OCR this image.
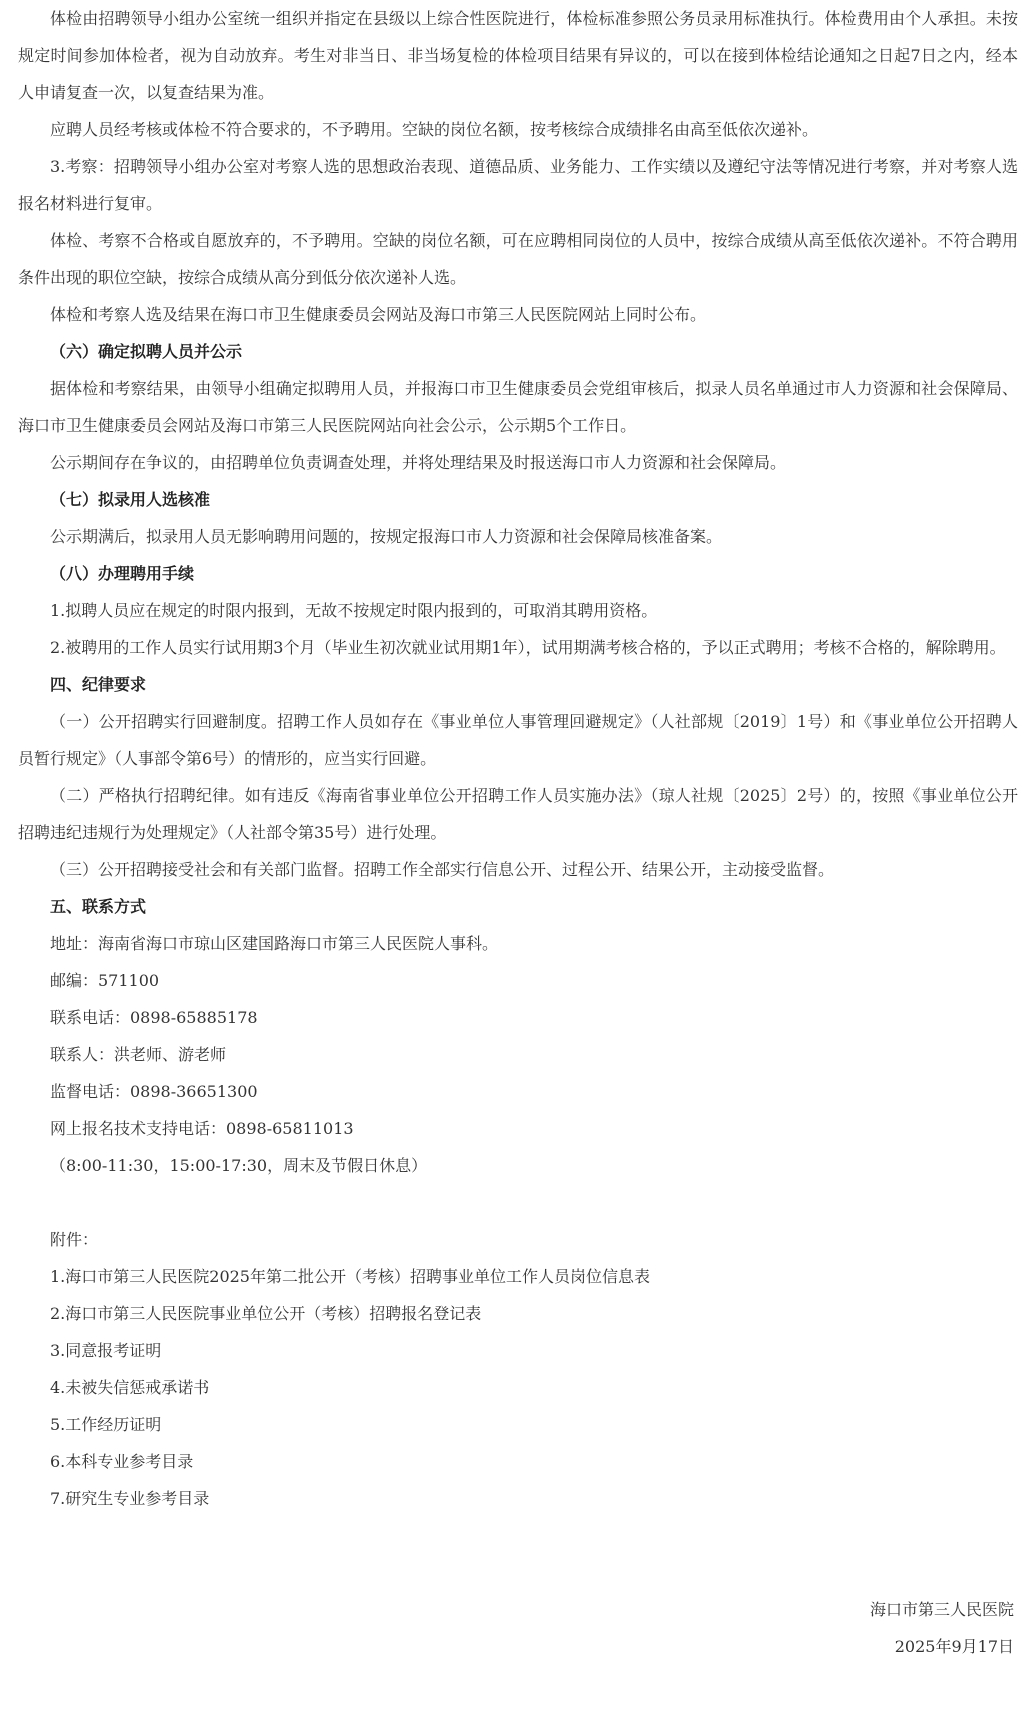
体检由招聘领导小组办公室统一组织并指定在县级以上综合性医院进行，体检标准参照公务员录用标准执行。体检费用由个人承担。未按规定时间参加体检者，视为自动放弃。考生对非当日、非当场复检的体检项目结果有异议的，可以在接到体检结论通知之日起7日之内，经本人申请复查一次，以复查结果为准。

应聘人员经考核或体检不符合要求的，不予聘用。空缺的岗位名额，按考核综合成绩排名由高至低依次递补。

3.考察：招聘领导小组办公室对考察人选的思想政治表现、道德品质、业务能力、工作实绩以及遵纪守法等情况进行考察，并对考察人选报名材料进行复审。

体检、考察不合格或自愿放弃的，不予聘用。空缺的岗位名额，可在应聘相同岗位的人员中，按综合成绩从高至低依次递补。不符合聘用条件出现的职位空缺，按综合成绩从高分到低分依次递补人选。

体检和考察人选及结果在海口市卫生健康委员会网站及海口市第三人民医院网站上同时公布。

（六）确定拟聘人员并公示

据体检和考察结果，由领导小组确定拟聘用人员，并报海口市卫生健康委员会党组审核后，拟录人员名单通过市人力资源和社会保障局、海口市卫生健康委员会网站及海口市第三人民医院网站向社会公示，公示期5个工作日。

公示期间存在争议的，由招聘单位负责调查处理，并将处理结果及时报送海口市人力资源和社会保障局。

（七）拟录用人选核准

公示期满后，拟录用人员无影响聘用问题的，按规定报海口市人力资源和社会保障局核准备案。

（八）办理聘用手续

1.拟聘人员应在规定的时限内报到，无故不按规定时限内报到的，可取消其聘用资格。

2.被聘用的工作人员实行试用期3个月（毕业生初次就业试用期1年），试用期满考核合格的，予以正式聘用；考核不合格的，解除聘用。

四、纪律要求

（一）公开招聘实行回避制度。招聘工作人员如存在《事业单位人事管理回避规定》（人社部规〔2019〕1号）和《事业单位公开招聘人员暂行规定》（人事部令第6号）的情形的，应当实行回避。

（二）严格执行招聘纪律。如有违反《海南省事业单位公开招聘工作人员实施办法》（琼人社规〔2025〕2号）的，按照《事业单位公开招聘违纪违规行为处理规定》（人社部令第35号）进行处理。

（三）公开招聘接受社会和有关部门监督。招聘工作全部实行信息公开、过程公开、结果公开，主动接受监督。

五、联系方式

地址：海南省海口市琼山区建国路海口市第三人民医院人事科。

邮编：571100

联系电话：0898-65885178

联系人：洪老师、游老师

监督电话：0898-36651300

网上报名技术支持电话：0898-65811013

（8:00-11:30，15:00-17:30，周末及节假日休息）

附件：

1.海口市第三人民医院2025年第二批公开（考核）招聘事业单位工作人员岗位信息表

2.海口市第三人民医院事业单位公开（考核）招聘报名登记表

3.同意报考证明

4.未被失信惩戒承诺书

5.工作经历证明

6.本科专业参考目录

7.研究生专业参考目录

海口市第三人民医院

2025年9月17日
